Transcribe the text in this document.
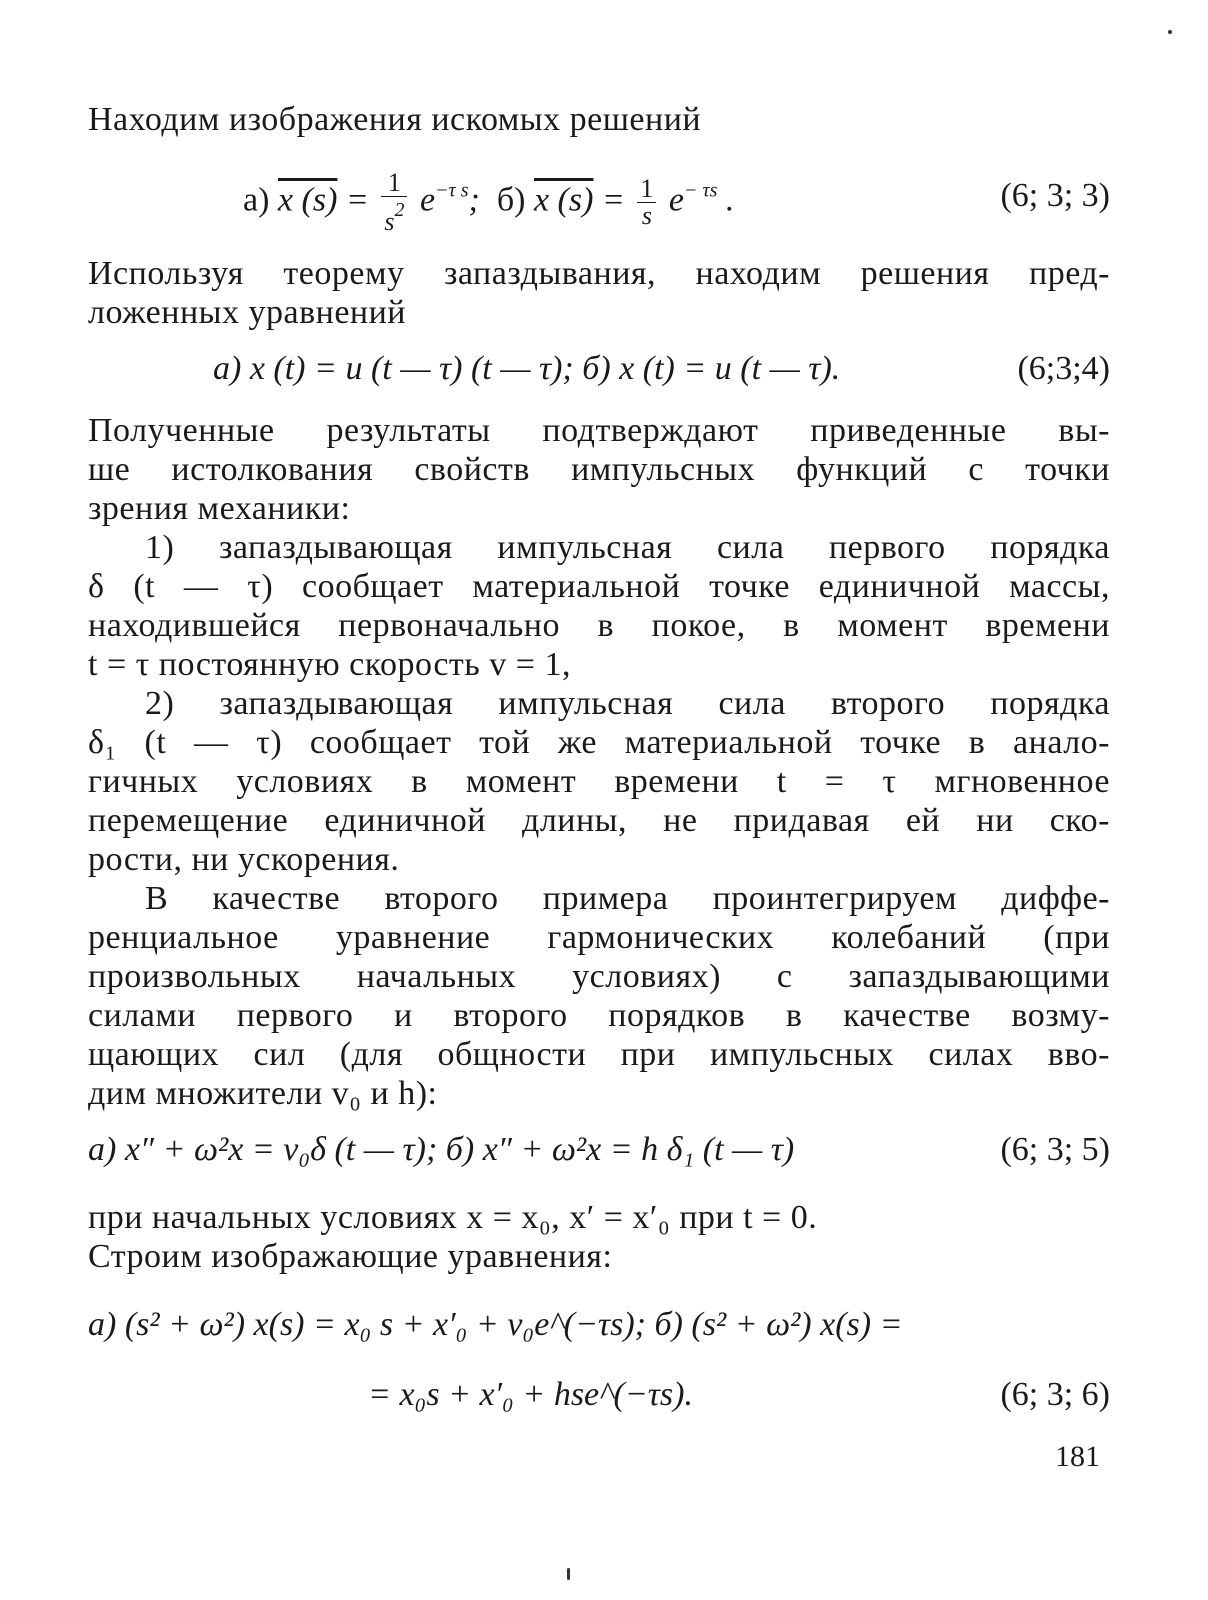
Находим изображения искомых решений
а) x $(s) = \frac{1}{s^2} e^{-\tau s}$;  б) x $(s) = \frac{1}{s} e^{- \tau s}$ .	(6; 3; 3)
Используя теорему запаздывания, находим решения пред-
ложенных уравнений
а) x (t) = u (t — τ) (t — τ); б) x (t) = u (t — τ).	(6;3;4)
Полученные результаты подтверждают приведенные вы-
ше истолкования свойств импульсных функций с точки
зрения механики:
1) запаздывающая импульсная сила первого порядка
δ (t — τ) сообщает материальной точке единичной массы,
находившейся первоначально в покое, в момент времени
t = τ постоянную скорость v = 1,
2) запаздывающая импульсная сила второго порядка
δ₁ (t — τ) сообщает той же материальной точке в анало-
гичных условиях в момент времени t = τ мгновенное
перемещение единичной длины, не придавая ей ни ско-
рости, ни ускорения.
В качестве второго примера проинтегрируем диффе-
ренциальное уравнение гармонических колебаний (при
произвольных начальных условиях) с запаздывающими
силами первого и второго порядков в качестве возму-
щающих сил (для общности при импульсных силах вво-
дим множители v₀ и h):
а) x″ + ω²x = v₀δ (t — τ); б) x″ + ω²x = h δ₁ (t — τ)	(6; 3; 5)
при начальных условиях x = x₀, x′ = x′₀ при t = 0.
Строим изображающие уравнения:
а) (s² + ω²) x(s) = x₀ s + x′₀ + v₀e^(−τs); б) (s² + ω²) x(s) =
= x₀s + x′₀ + hse^(−τs).	(6; 3; 6)
181
